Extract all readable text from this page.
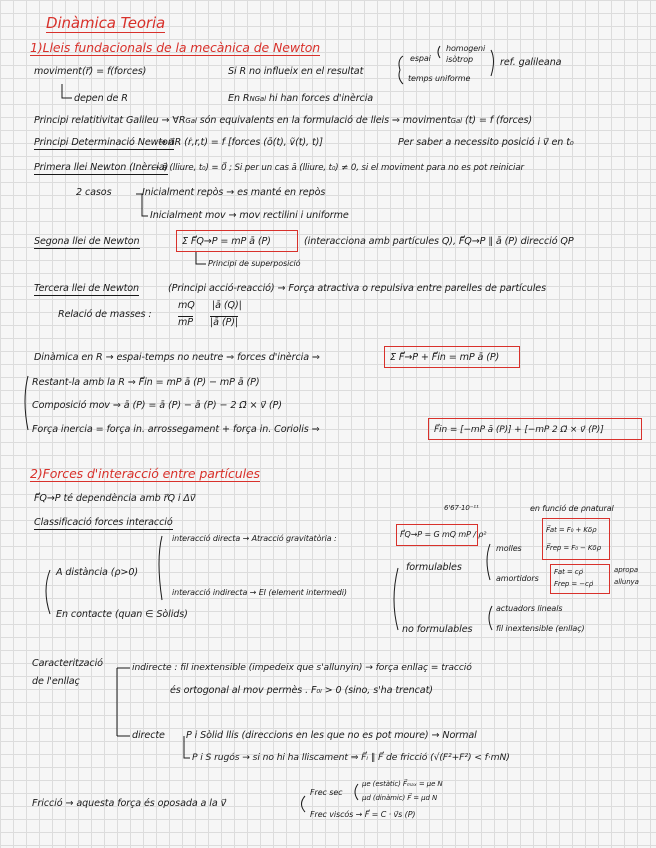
Dinàmica Teoria
1)Lleis fundacionals de la mecànica de Newton
moviment (r⃗) = f(forces)	Si R no influeix en el resultat
espai
homogeni
isòtrop
temps uniforme
ref. galileana
depen de R	En RNGal hi han forces d'inèrcia
Principi relatitivitat Galileu → ∀RGal són equivalents en la formulació de lleis ⇒ movimentGal (t) = f (forces)
Principi Determinació Newton
→ a⃗R (ṙ,r,t) = f [forces (ō(t), ṽ(t), t)]	Per saber a necessito posició i v⃗ en t₀
Primera llei Newton (Inèrcia)
→ ā (lliure, t₀) = 0⃗ ; Si per un cas ā (lliure, t₀) ≠ 0, si el moviment para no es pot reiniciar
2 casos	Inicialment repòs → es manté en repòs
Inicialment mov → mov rectilini i uniforme
Segona llei de Newton	Σ F⃗Q→P = mP ā (P)	(interacciona amb partícules Q), F⃗Q→P ∥ ā (P) direcció QP
Principi de superposició
Tercera llei de Newton	(Principi acció-reacció) → Força atractiva o repulsiva entre parelles de partícules
Relació de masses :
mQ
mP
|ā (Q)|
|ā (P)|
Dinàmica en R → espai-temps no neutre ⇒ forces d'inèrcia ⇒	Σ F⃗→P + F⃗in = mP ā (P)
Restant-la amb la R ⇒ F⃗in = mP ā (P) − mP ā (P)
Composició mov ⇒ ā (P) = ā (P) − ā (P) − 2 Ω⃗ × v⃗ (P)
Força inercia = força in. arrossegament + força in. Coriolis ⇒	F⃗in = [−mP ā (P)] + [−mP 2 Ω⃗ × v⃗ (P)]
2)Forces d'interacció entre partícules
F⃗Q→P té dependència amb r⃗Q i Δv⃗
Classificació forces interacció
A distància (ρ>0)
En contacte (quan ∈ Sòlids)
interacció directa → Atracció gravitatòria :	F⃗Q→P = G mQ mP / ρ²
6'67·10⁻¹¹
interacció indirecta → EI (element intermedi)
formulables
no formulables
molles
amortidors
en funció de ρnatural
F⃗at = F₀ + Kδρ
F⃗rep = F₀ − Kδρ
Fat = cρ̇
Frep = −cρ̇
apropa
allunya
actuadors lineals
fil inextensible (enllaç)
Caracterització
de l'enllaç
indirecte : fil inextensible (impedeix que s'allunyin) → força enllaç = tracció
és ortogonal al mov permès . F₀ₗ > 0 (sino, s'ha trencat)
directe P i Sòlid llis (direccions en les que no es pot moure) → Normal
P i S rugós → si no hi ha lliscament ⇒ F⃗ᵢ ∥ F⃗ de fricció (√(F²+F²) < f·mN)
Fricció → aquesta força és oposada a la v⃗
Frec sec
μe (estàtic) F⃗ₘₐₓ = μe N
μd (dinàmic) F⃗ = μd N
Frec viscós → F⃗ = C · v⃗s (P)
